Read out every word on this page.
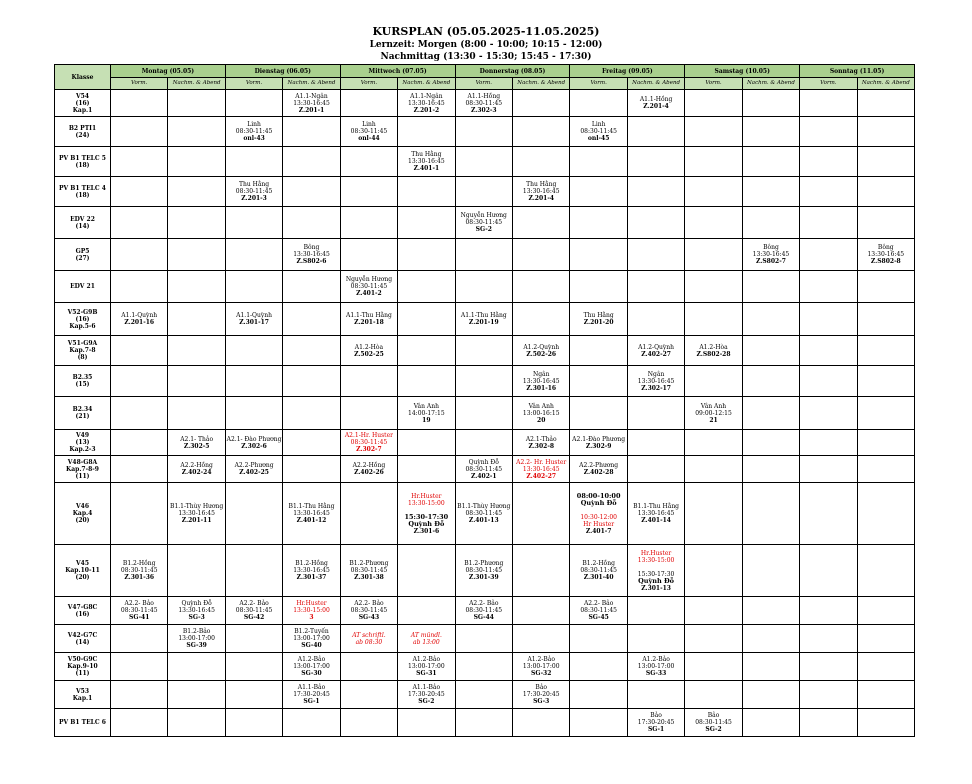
KURSPLAN (05.05.2025-11.05.2025)
Lernzeit: Morgen (8:00 - 10:00; 10:15 - 12:00)
Nachmittag (13:30 - 15:30; 15:45 - 17:30)
Klasse	Montag (05.05)		Dienstag (06.05)		Mittwoch (07.05)		Donnerstag (08.05)		Freitag (09.05)		Samstag (10.05)		Sonntag (11.05)	
	Vorm.	Nachm. & Abend	Vorm.	Nachm. & Abend	Vorm.	Nachm. & Abend	Vorm.	Nachm. & Abend	Vorm.	Nachm. & Abend	Vorm.	Nachm. & Abend	Vorm.	Nachm. & Abend

V54
(16)
Kap.1				A1.1-Ngân
13:30-16:45
Z.201-1		A1.1-Ngân
13:30-16:45
Z.201-2	A1.1-Hồng
08:30-11:45
Z.302-3			A1.1-Hồng
Z.201-4				

B2 PTI1
(24)			Linh
08:30-11:45
onl-43		Linh
08:30-11:45
onl-44				Linh
08:30-11:45
onl-45					

PV B1 TELC 5
(18)						Thu Hằng
13:30-16:45
Z.401-1								

PV B1 TELC 4
(18)			Thu Hằng
08:30-11:45
Z.201-3					Thu Hằng
13:30-16:45
Z.201-4						

EDV 22
(14)							Nguyễn Hương
08:30-11:45
SG-2							

GP5
(27)				Bông
13:30-16:45
Z.S802-6								Bông
13:30-16:45
Z.S802-7		Bông
13:30-16:45
Z.S802-8

EDV 21					Nguyễn Hương
08:30-11:45
Z.401-2									

V52-G9B
(16)
Kap.5-6	A1.1-Quỳnh
Z.201-16		A1.1-Quỳnh
Z.301-17		A1.1-Thu Hằng
Z.201-18		A1.1-Thu Hằng
Z.201-19		Thu Hằng
Z.201-20					

V51-G9A
Kap.7-8
(8)					A1.2-Hòa
Z.502-25			A1.2-Quỳnh
Z.502-26		A1.2-Quỳnh
Z.402-27	A1.2-Hòa
Z.S802-28			

B2.35
(15)								Ngân
13:30-16:45
Z.301-16		Ngân
13:30-16:45
Z.302-17				

B2.34
(21)						Vân Anh
14:00-17:15
19		Vân Anh
13:00-16:15
20			Vân Anh
09:00-12:15
21			

V49
(13)
Kap.2-3		A2.1- Thảo
Z.302-5	A2.1- Đào Phương
Z.302-6		A2.1-Hr. Huster
08:30-11:45
Z.302-7			A2.1-Thảo
Z.302-8	A2.1-Đào Phương
Z.302-9					

V48-G8A
Kap.7-8-9
(11)		A2.2-Hồng
Z.402-24	A2.2-Phương
Z.402-25		A2.2-Hồng
Z.402-26		Quỳnh Đỗ
08:30-11:45
Z.402-1	A2.2- Hr. Huster
13:30-16:45
Z.402-27	A2.2-Phương
Z.402-28					

V46
Kap.4
(20)		B1.1-Thùy Hương
13:30-16:45
Z.201-11		B1.1-Thu Hằng
13:30-16:45
Z.401-12		Hr.Huster
13:30-15:00

15:30-17:30
Quỳnh Đỗ
Z.301-6	B1.1-Thùy Hương
08:30-11:45
Z.401-13		08:00-10:00
Quỳnh Đỗ

10:30-12:00
Hr Huster
Z.401-7	B1.1-Thu Hằng
13:30-16:45
Z.401-14				

V45
Kap.10-11
(20)	B1.2-Hồng
08:30-11:45
Z.301-36			B1.2-Hồng
13:30-16:45
Z.301-37	B1.2-Phương
08:30-11:45
Z.301-38		B1.2-Phương
08:30-11:45
Z.301-39		B1.2-Hồng
08:30-11:45
Z.301-40	Hr.Huster
13:30-15:00

15:30-17:30
Quỳnh Đỗ
Z.301-13				

V47-G8C
(16)	A2.2- Bảo
08:30-11:45
SG-41	Quỳnh Đỗ
13:30-16:45
SG-3	A2.2- Bảo
08:30-11:45
SG-42	Hr.Huster
13:30-15:00
3	A2.2- Bảo
08:30-11:45
SG-43		A2.2- Bảo
08:30-11:45
SG-44		A2.2- Bảo
08:30-11:45
SG-45					

V42-G7C
(14)		B1.2-Bảo
13:00-17:00
SG-39		B1.2-Tuyến
13:00-17:00
SG-40	AT schriftl.
ab 08:30	AT mündl.
ab 13:00								

V50-G9C
Kap.9-10
(11)				A1.2-Bảo
13:00-17:00
SG-30		A1.2-Bảo
13:00-17:00
SG-31		A1.2-Bảo
13:00-17:00
SG-32		A1.2-Bảo
13:00-17:00
SG-33				

V53
Kap.1				A1.1-Bảo
17:30-20:45
SG-1		A1.1-Bảo
17:30-20:45
SG-2		Bảo
17:30-20:45
SG-3						

PV B1 TELC 6										Bảo
17:30-20:45
SG-1	Bảo
08:30-11:45
SG-2			
